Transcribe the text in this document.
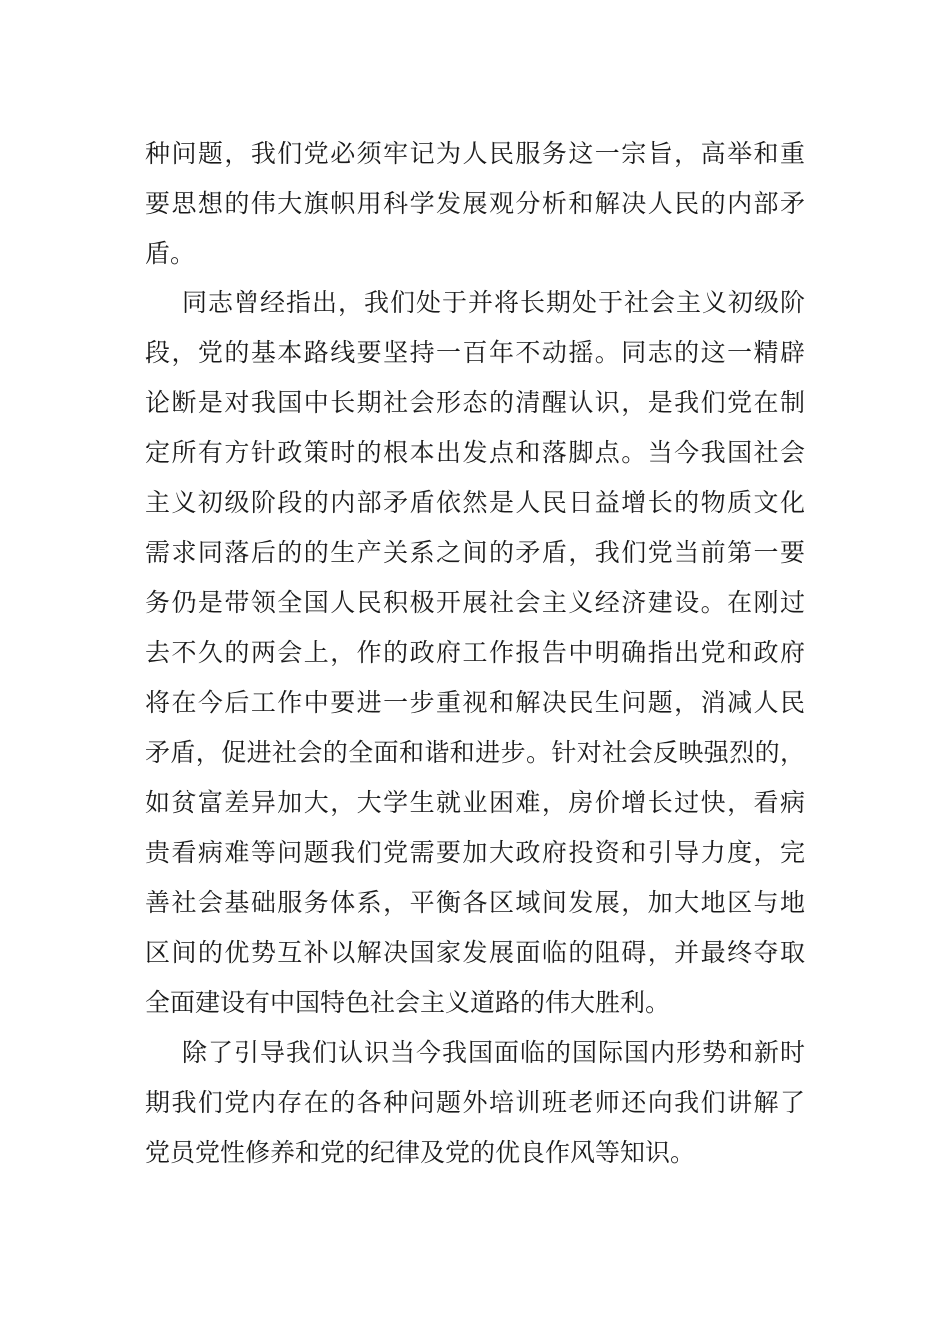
种问题，我们党必须牢记为人民服务这一宗旨，高举和重
要思想的伟大旗帜用科学发展观分析和解决人民的内部矛
盾。
同志曾经指出，我们处于并将长期处于社会主义初级阶
段，党的基本路线要坚持一百年不动摇。同志的这一精辟
论断是对我国中长期社会形态的清醒认识，是我们党在制
定所有方针政策时的根本出发点和落脚点。当今我国社会
主义初级阶段的内部矛盾依然是人民日益增长的物质文化
需求同落后的的生产关系之间的矛盾，我们党当前第一要
务仍是带领全国人民积极开展社会主义经济建设。在刚过
去不久的两会上，作的政府工作报告中明确指出党和政府
将在今后工作中要进一步重视和解决民生问题，消减人民
矛盾，促进社会的全面和谐和进步。针对社会反映强烈的，
如贫富差异加大，大学生就业困难，房价增长过快，看病
贵看病难等问题我们党需要加大政府投资和引导力度，完
善社会基础服务体系，平衡各区域间发展，加大地区与地
区间的优势互补以解决国家发展面临的阻碍，并最终夺取
全面建设有中国特色社会主义道路的伟大胜利。
除了引导我们认识当今我国面临的国际国内形势和新时
期我们党内存在的各种问题外培训班老师还向我们讲解了
党员党性修养和党的纪律及党的优良作风等知识。
